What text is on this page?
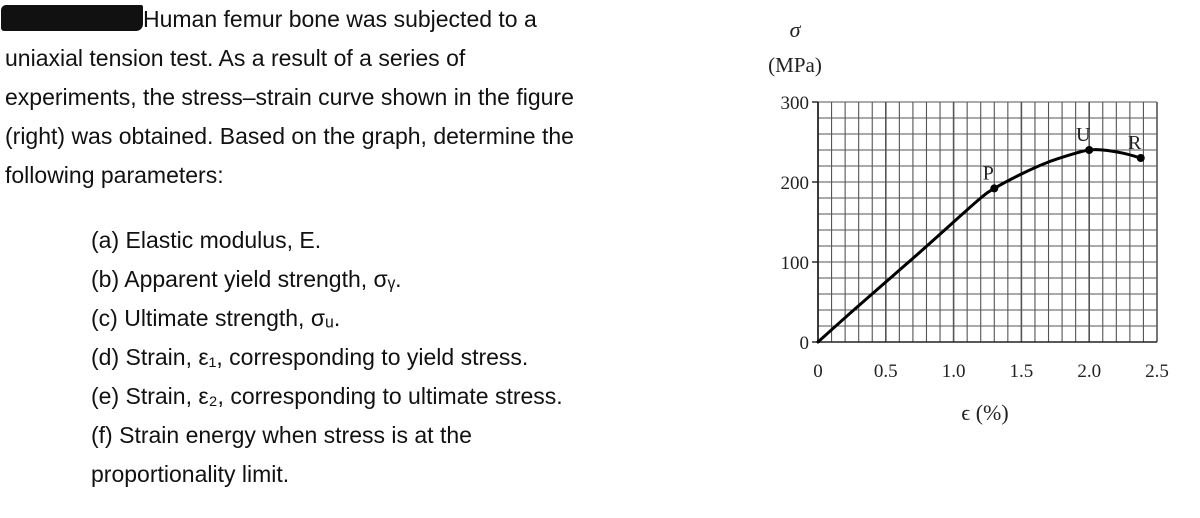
Human femur bone was subjected to a
uniaxial tension test. As a result of a series of
experiments, the stress–strain curve shown in the figure
(right) was obtained. Based on the graph, determine the
following parameters:
(a) Elastic modulus, E.
(b) Apparent yield strength, σᵧ.
(c) Ultimate strength, σᵤ.
(d) Strain, ε₁, corresponding to yield stress.
(e) Strain, ε₂, corresponding to ultimate stress.
(f) Strain energy when stress is at the
proportionality limit.
σ
(MPa)
ϵ (%)
0
100
200
300
0	0.5 1.0 1.5 2.0 2.5
P
U R
